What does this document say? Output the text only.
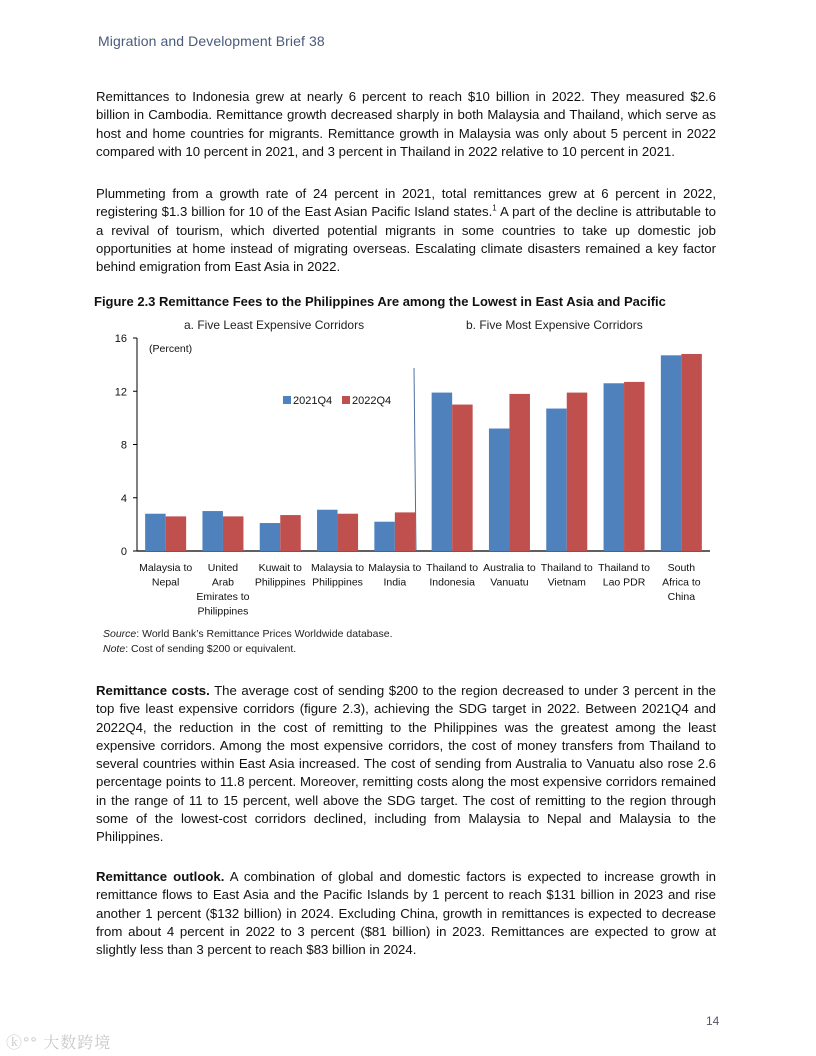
Migration and Development Brief 38
Remittances to Indonesia grew at nearly 6 percent to reach $10 billion in 2022. They measured $2.6 billion in Cambodia. Remittance growth decreased sharply in both Malaysia and Thailand, which serve as host and home countries for migrants. Remittance growth in Malaysia was only about 5 percent in 2022 compared with 10 percent in 2021, and 3 percent in Thailand in 2022 relative to 10 percent in 2021.
Plummeting from a growth rate of 24 percent in 2021, total remittances grew at 6 percent in 2022, registering $1.3 billion for 10 of the East Asian Pacific Island states.$^1$ A part of the decline is attributable to a revival of tourism, which diverted potential migrants in some countries to take up domestic job opportunities at home instead of migrating overseas. Escalating climate disasters remained a key factor behind emigration from East Asia in 2022.
Figure 2.3 Remittance Fees to the Philippines Are among the Lowest in East Asia and Pacific
a. Five Least Expensive Corridors	b. Five Most Expensive Corridors
0
4
8
12
16
(Percent)
Malaysia to
Nepal
United
Arab
Emirates to
Philippines
Kuwait to
Philippines
Malaysia to
Philippines
Malaysia to
India
Thailand to
Indonesia
Australia to
Vanuatu
Thailand to
Vietnam
Thailand to
Lao PDR
South
Africa to
China
2021Q4 2022Q4
Source: World Bank’s Remittance Prices Worldwide database.
Note: Cost of sending $200 or equivalent.
Remittance costs. The average cost of sending $200 to the region decreased to under 3 percent in the top five least expensive corridors (figure 2.3), achieving the SDG target in 2022. Between 2021Q4 and 2022Q4, the reduction in the cost of remitting to the Philippines was the greatest among the least expensive corridors. Among the most expensive corridors, the cost of money transfers from Thailand to several countries within East Asia increased. The cost of sending from Australia to Vanuatu also rose 2.6 percentage points to 11.8 percent. Moreover, remitting costs along the most expensive corridors remained in the range of 11 to 15 percent, well above the SDG target. The cost of remitting to the region through some of the lowest-cost corridors declined, including from Malaysia to Nepal and Malaysia to the Philippines.
Remittance outlook. A combination of global and domestic factors is expected to increase growth in remittance flows to East Asia and the Pacific Islands by 1 percent to reach $131 billion in 2023 and rise another 1 percent ($132 billion) in 2024. Excluding China, growth in remittances is expected to decrease from about 4 percent in 2022 to 3 percent ($81 billion) in 2023. Remittances are expected to grow at slightly less than 3 percent to reach $83 billion in 2024.
14
ⓚ°° 大数跨境
